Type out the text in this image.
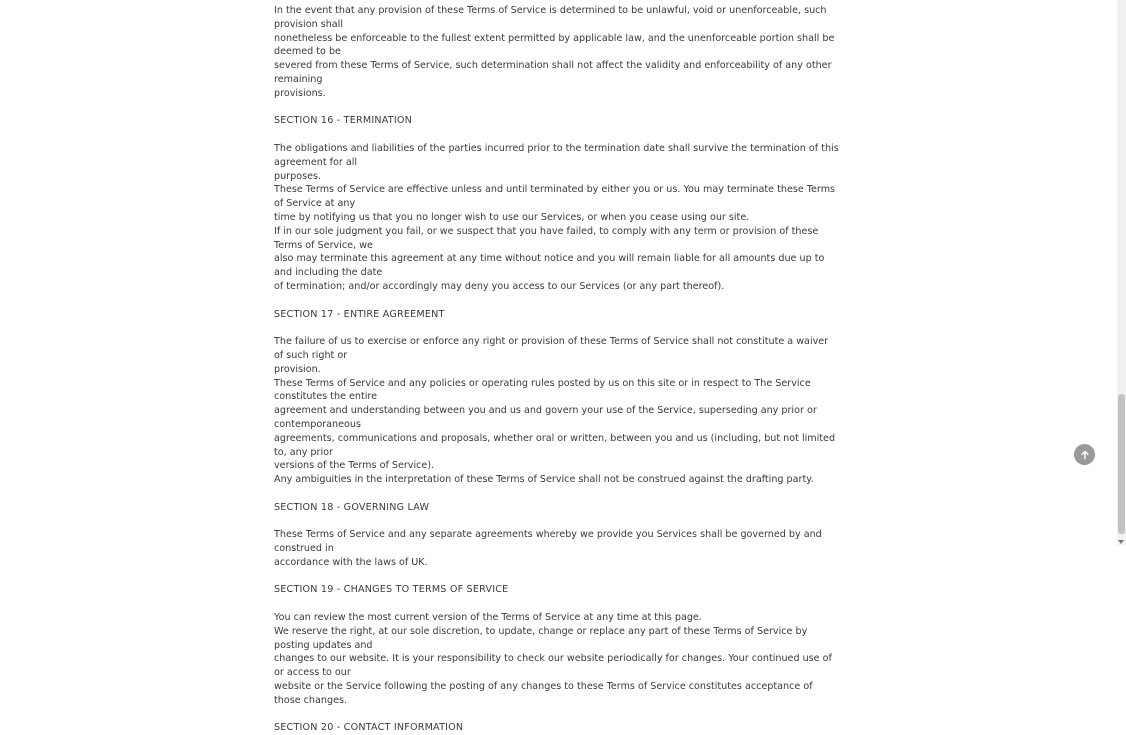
In the event that any provision of these Terms of Service is determined to be unlawful, void or unenforceable, such provision shall
nonetheless be enforceable to the fullest extent permitted by applicable law, and the unenforceable portion shall be deemed to be
severed from these Terms of Service, such determination shall not affect the validity and enforceability of any other remaining
provisions.

SECTION 16 - TERMINATION

The obligations and liabilities of the parties incurred prior to the termination date shall survive the termination of this agreement for all
purposes.

These Terms of Service are effective unless and until terminated by either you or us. You may terminate these Terms of Service at any
time by notifying us that you no longer wish to use our Services, or when you cease using our site.

If in our sole judgment you fail, or we suspect that you have failed, to comply with any term or provision of these Terms of Service, we
also may terminate this agreement at any time without notice and you will remain liable for all amounts due up to and including the date
of termination; and/or accordingly may deny you access to our Services (or any part thereof).

SECTION 17 - ENTIRE AGREEMENT

The failure of us to exercise or enforce any right or provision of these Terms of Service shall not constitute a waiver of such right or
provision.

These Terms of Service and any policies or operating rules posted by us on this site or in respect to The Service constitutes the entire
agreement and understanding between you and us and govern your use of the Service, superseding any prior or contemporaneous
agreements, communications and proposals, whether oral or written, between you and us (including, but not limited to, any prior
versions of the Terms of Service).

Any ambiguities in the interpretation of these Terms of Service shall not be construed against the drafting party.

SECTION 18 - GOVERNING LAW

These Terms of Service and any separate agreements whereby we provide you Services shall be governed by and construed in
accordance with the laws of UK.

SECTION 19 - CHANGES TO TERMS OF SERVICE

You can review the most current version of the Terms of Service at any time at this page.

We reserve the right, at our sole discretion, to update, change or replace any part of these Terms of Service by posting updates and
changes to our website. It is your responsibility to check our website periodically for changes. Your continued use of or access to our
website or the Service following the posting of any changes to these Terms of Service constitutes acceptance of those changes.

SECTION 20 - CONTACT INFORMATION
